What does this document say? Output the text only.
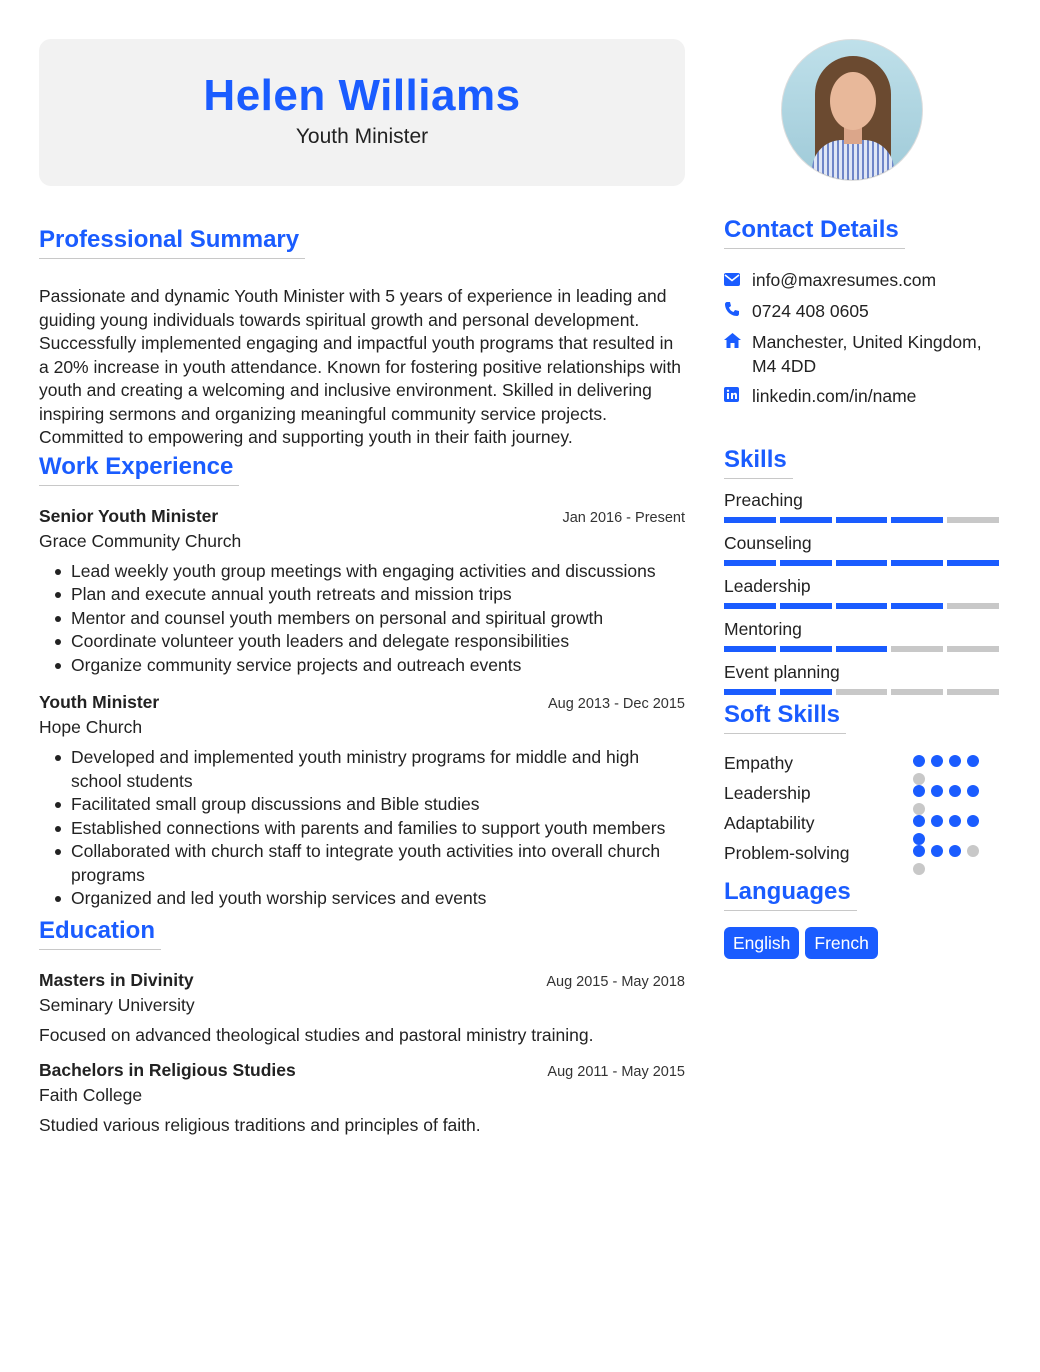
Helen Williams
Youth Minister
Professional Summary

Passionate and dynamic Youth Minister with 5 years of experience in leading and guiding young individuals towards spiritual growth and personal development. Successfully implemented engaging and impactful youth programs that resulted in a 20% increase in youth attendance. Known for fostering positive relationships with youth and creating a welcoming and inclusive environment. Skilled in delivering inspiring sermons and organizing meaningful community service projects. Committed to empowering and supporting youth in their faith journey.

Work Experience
Senior Youth Minister	Jan 2016 - Present
Grace Community Church
Lead weekly youth group meetings with engaging activities and discussions
Plan and execute annual youth retreats and mission trips
Mentor and counsel youth members on personal and spiritual growth
Coordinate volunteer youth leaders and delegate responsibilities
Organize community service projects and outreach events
Youth Minister	Aug 2013 - Dec 2015
Hope Church
Developed and implemented youth ministry programs for middle and high school students
Facilitated small group discussions and Bible studies
Established connections with parents and families to support youth members
Collaborated with church staff to integrate youth activities into overall church programs
Organized and led youth worship services and events
Education
Masters in Divinity	Aug 2015 - May 2018
Seminary University
Focused on advanced theological studies and pastoral ministry training.
Bachelors in Religious Studies	Aug 2011 - May 2015
Faith College
Studied various religious traditions and principles of faith.
Contact Details
info@maxresumes.com
0724 408 0605
Manchester, United Kingdom, M4 4DD
linkedin.com/in/name
Skills
Preaching
Counseling
Leadership
Mentoring
Event planning
Soft Skills
Empathy
Leadership
Adaptability
Problem-solving
Languages
English	French
